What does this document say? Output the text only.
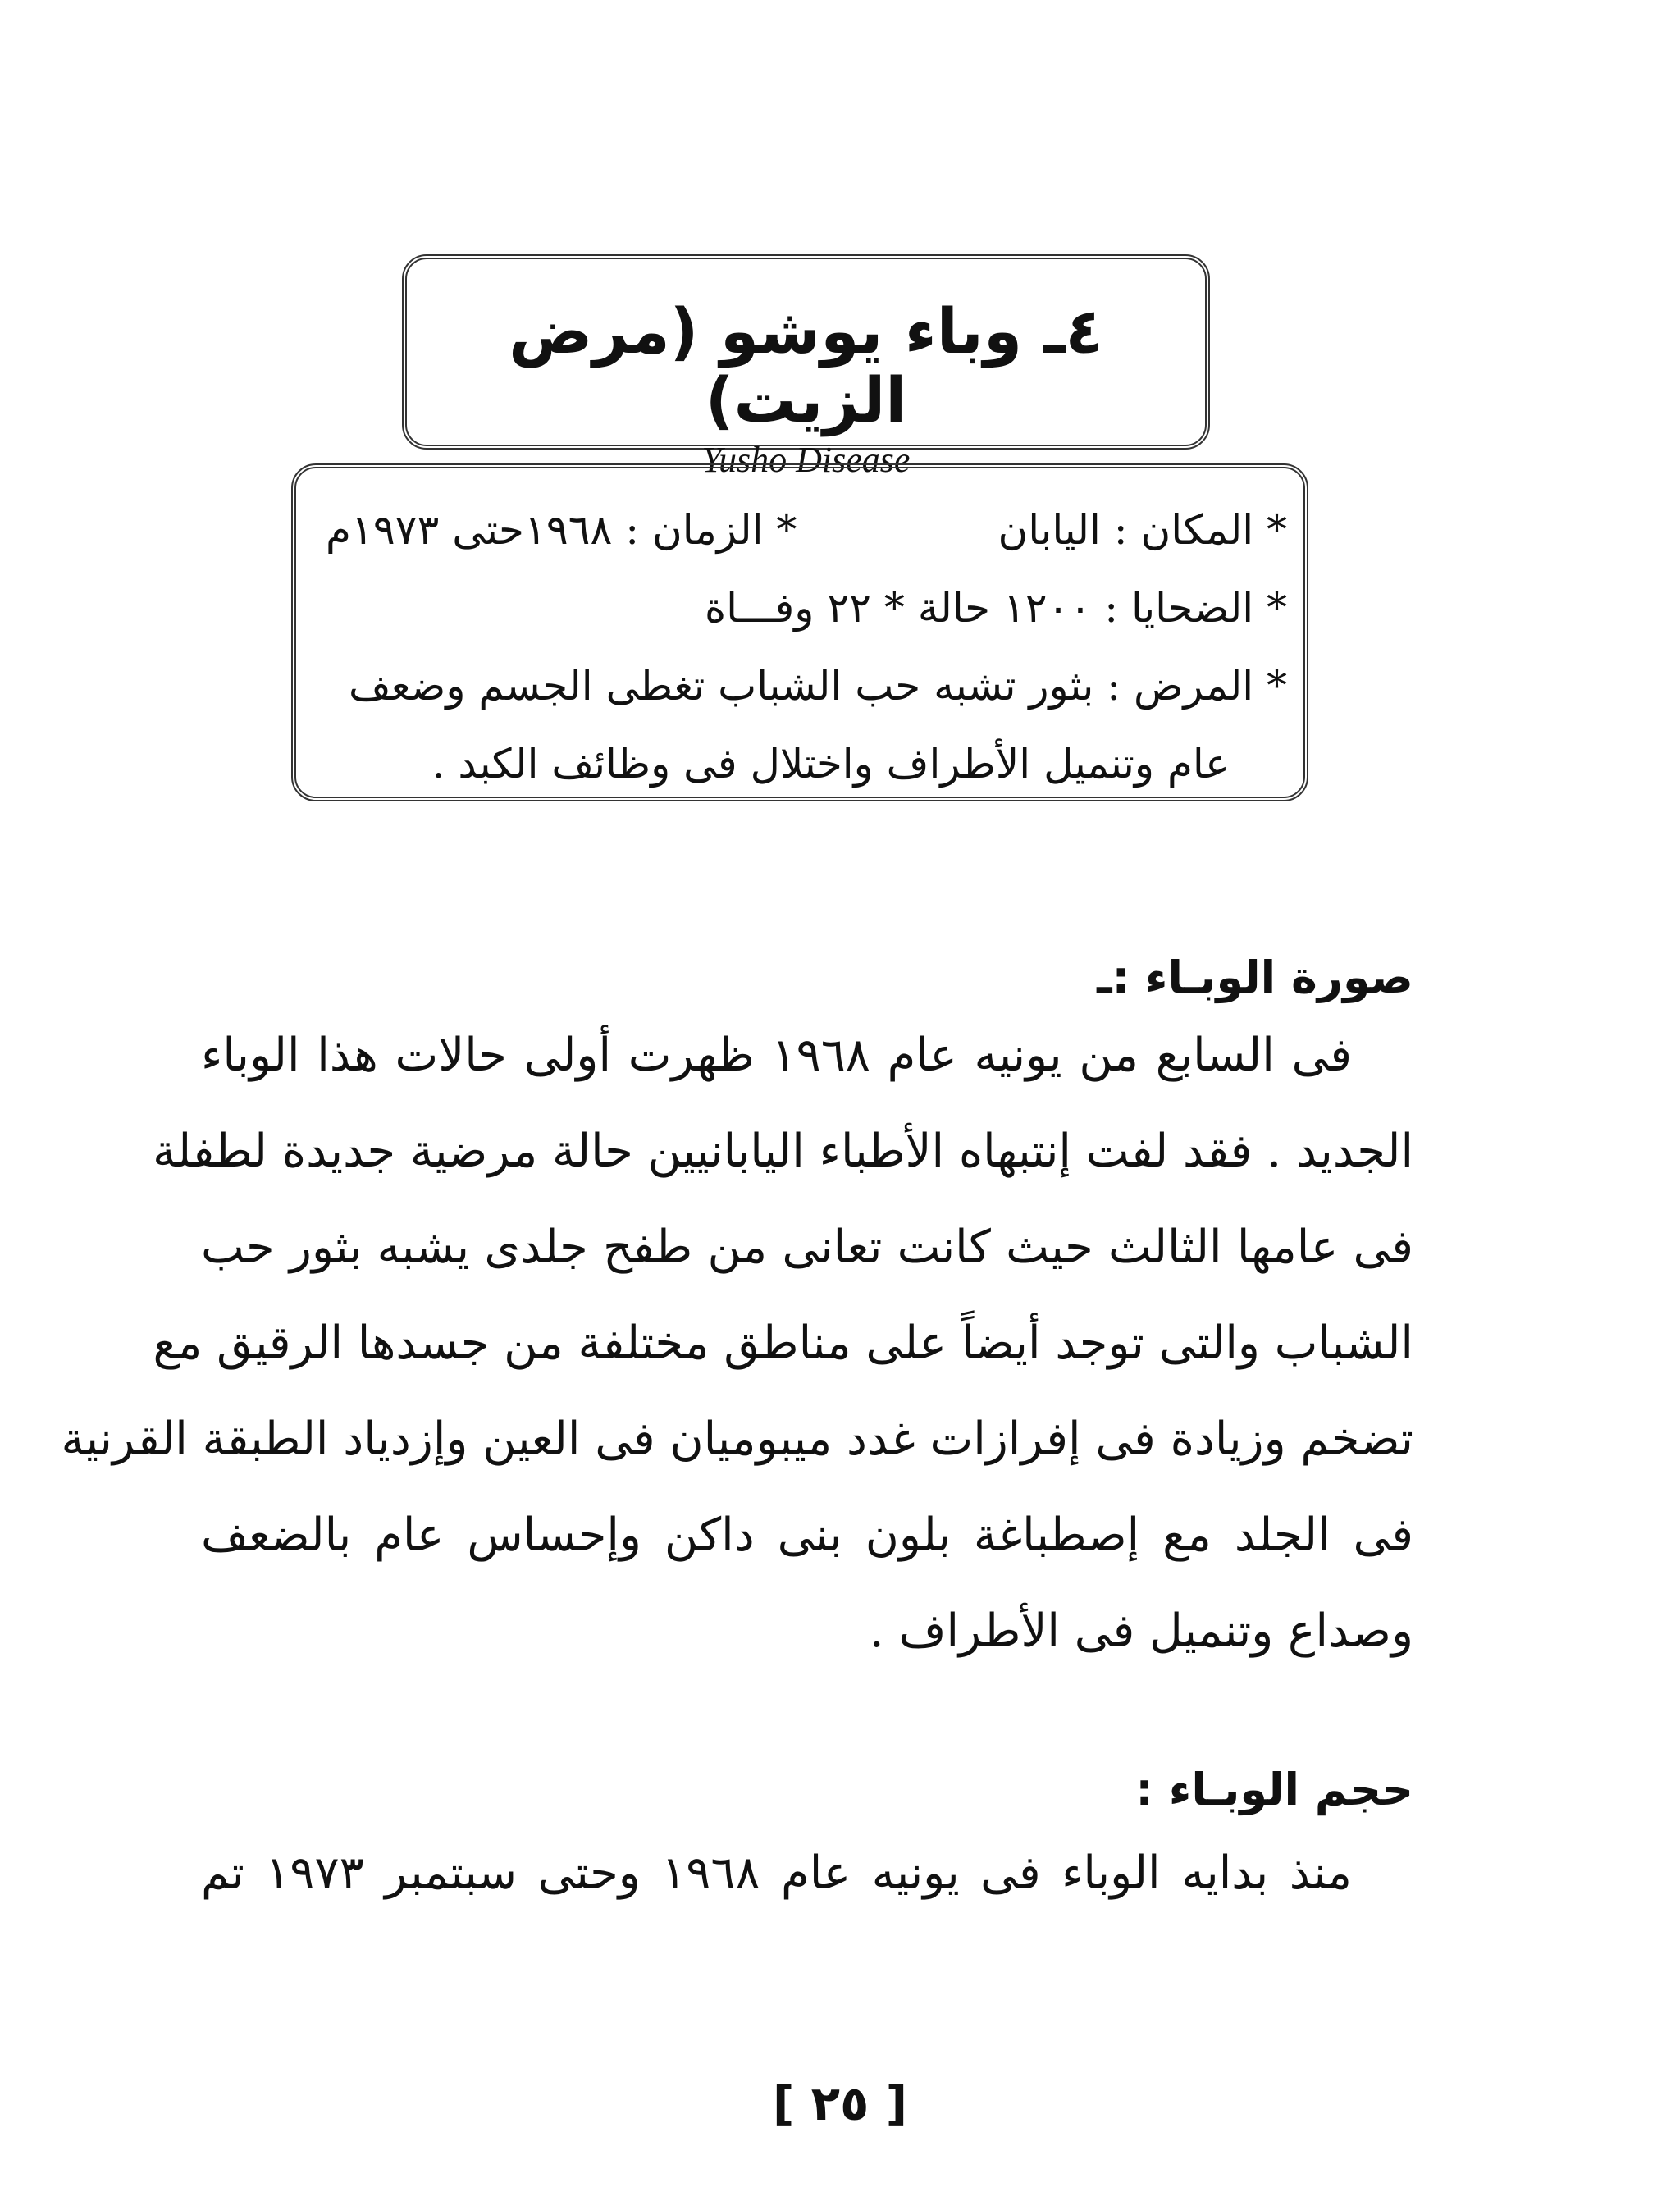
٤ـ وباء يوشو (مرض الزيت)
Yusho Disease
* المكان : اليابان
* الزمان : ١٩٦٨حتى ١٩٧٣م
* الضحايا : ١٢٠٠ حالة * ٢٢ وفـــاة
* المرض : بثور تشبه حب الشباب تغطى الجسم وضعف
عام وتنميل الأطراف واختلال فى وظائف الكبد .
صورة الوبـاء :ـ
فى السابع من يونيه عام ١٩٦٨ ظهرت أولى حالات هذا الوباء
الجديد . فقد لفت إنتبهاه الأطباء اليابانيين حالة مرضية جديدة لطفلة
فى عامها الثالث حيث كانت تعانى من طفح جلدى يشبه بثور حب
الشباب والتى توجد أيضاً على مناطق مختلفة من جسدها الرقيق مع
تضخم وزيادة فى إفرازات غدد ميبوميان فى العين وإزدياد الطبقة القرنية
فى الجلد مع إصطباغة بلون بنى داكن وإحساس عام بالضعف
وصداع وتنميل فى الأطراف .
حجم الوبـاء :
منذ بدايه الوباء فى يونيه عام ١٩٦٨ وحتى سبتمبر ١٩٧٣ تم
[ ٢٥ ]
